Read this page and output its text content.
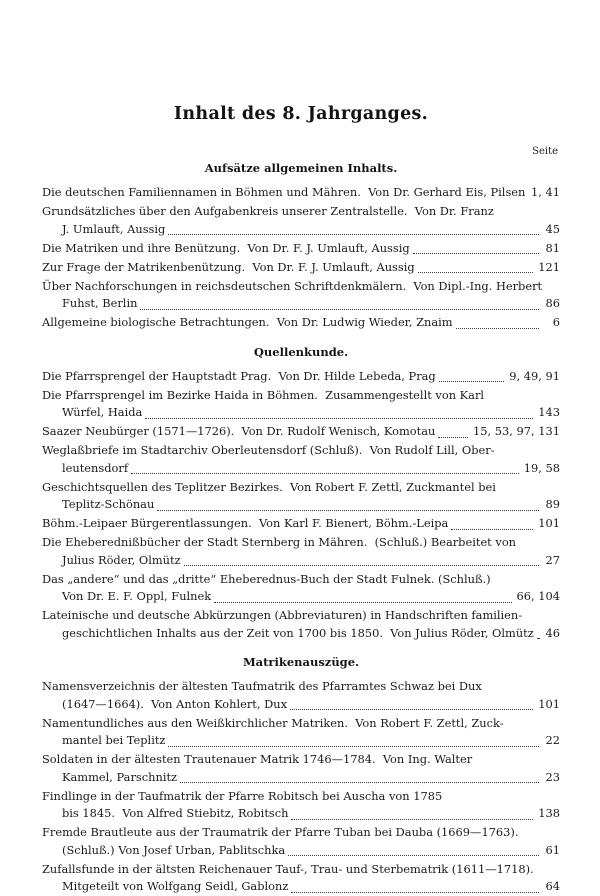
Inhalt des 8. Jahrganges.
Seite
Aufsätze allgemeinen Inhalts.
Die deutschen Familiennamen in Böhmen und Mähren.  Von Dr. Gerhard Eis, Pilsen 1, 41
Grundsätzliches über den Aufgabenkreis unserer Zentralstelle.  Von Dr. Franz
J. Umlauft, Aussig	45
Die Matriken und ihre Benützung.  Von Dr. F. J. Umlauft, Aussig	81
Zur Frage der Matrikenbenützung.  Von Dr. F. J. Umlauft, Aussig	121
Über Nachforschungen in reichsdeutschen Schriftdenkmälern.  Von Dipl.-Ing. Herbert
Fuhst, Berlin	86
Allgemeine biologische Betrachtungen.  Von Dr. Ludwig Wieder, Znaim	6
Quellenkunde.
Die Pfarrsprengel der Hauptstadt Prag.  Von Dr. Hilde Lebeda, Prag	9, 49, 91
Die Pfarrsprengel im Bezirke Haida in Böhmen.  Zusammengestellt von Karl
Würfel, Haida	143
Saazer Neubürger (1571—1726).  Von Dr. Rudolf Wenisch, Komotau	15, 53, 97, 131
Weglaßbriefe im Stadtarchiv Oberleutensdorf (Schluß).  Von Rudolf Lill, Ober-
leutensdorf	19, 58
Geschichtsquellen des Teplitzer Bezirkes.  Von Robert F. Zettl, Zuckmantel bei
Teplitz-Schönau	89
Böhm.-Leipaer Bürgerentlassungen.  Von Karl F. Bienert, Böhm.-Leipa	101
Die Eheberednißbücher der Stadt Sternberg in Mähren.  (Schluß.) Bearbeitet von
Julius Röder, Olmütz	27
Das „andere“ und das „dritte“ Eheberednus-Buch der Stadt Fulnek. (Schluß.)
Von Dr. E. F. Oppl, Fulnek	66, 104
Lateinische und deutsche Abkürzungen (Abbreviaturen) in Handschriften familien-
geschichtlichen Inhalts aus der Zeit von 1700 bis 1850.  Von Julius Röder, Olmütz	46
Matrikenauszüge.
Namensverzeichnis der ältesten Taufmatrik des Pfarramtes Schwaz bei Dux
(1647—1664).  Von Anton Kohlert, Dux	101
Namentundliches aus den Weißkirchlicher Matriken.  Von Robert F. Zettl, Zuck-
mantel bei Teplitz	22
Soldaten in der ältesten Trautenauer Matrik 1746—1784.  Von Ing. Walter
Kammel, Parschnitz	23
Findlinge in der Taufmatrik der Pfarre Robitsch bei Auscha von 1785
bis 1845.  Von Alfred Stiebitz, Robitsch	138
Fremde Brautleute aus der Traumatrik der Pfarre Tuban bei Dauba (1669—1763).
(Schluß.) Von Josef Urban, Pablitschka	61
Zufallsfunde in der ältsten Reichenauer Tauf-, Trau- und Sterbematrik (1611—1718).
Mitgeteilt von Wolfgang Seidl, Gablonz	64
